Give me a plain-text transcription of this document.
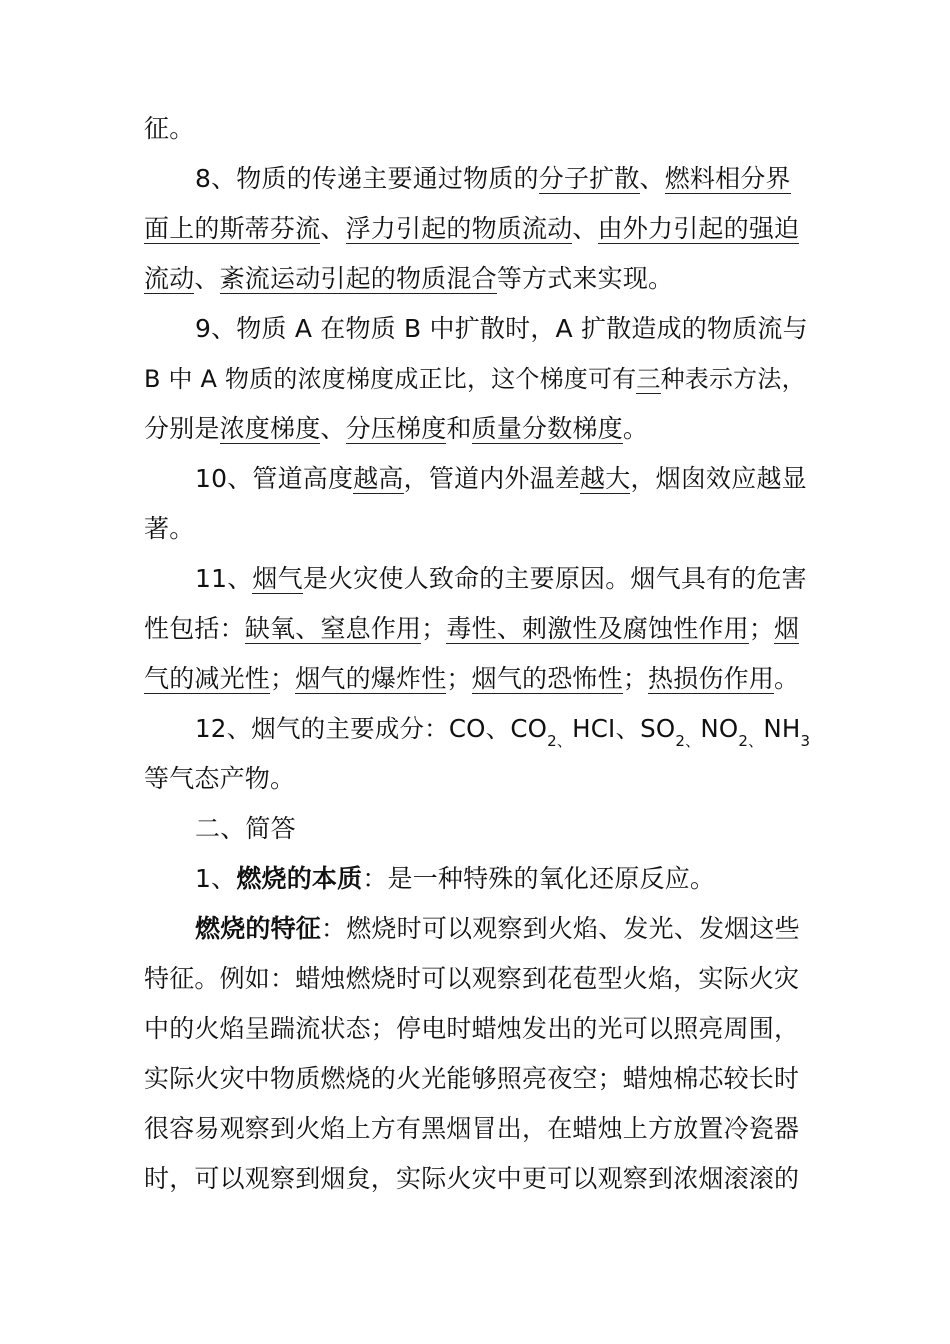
征。
8、物质的传递主要通过物质的分子扩散、燃料相分界
面上的斯蒂芬流、浮力引起的物质流动、由外力引起的强迫
流动、紊流运动引起的物质混合等方式来实现。
9、物质 A 在物质 B 中扩散时，A 扩散造成的物质流与
B 中 A 物质的浓度梯度成正比，这个梯度可有三种表示方法，
分别是浓度梯度、分压梯度和质量分数梯度。
10、管道高度越高，管道内外温差越大，烟囱效应越显
著。
11、烟气是火灾使人致命的主要原因。烟气具有的危害
性包括：缺氧、窒息作用；毒性、刺激性及腐蚀性作用；烟
气的减光性；烟气的爆炸性；烟气的恐怖性；热损伤作用。
12、烟气的主要成分：CO、$CO_{2、}HCI$、$SO_{2、}NO_{2、}NH_3$
等气态产物。
二、简答
1、燃烧的本质：是一种特殊的氧化还原反应。
燃烧的特征：燃烧时可以观察到火焰、发光、发烟这些
特征。例如：蜡烛燃烧时可以观察到花苞型火焰，实际火灾
中的火焰呈踹流状态；停电时蜡烛发出的光可以照亮周围，
实际火灾中物质燃烧的火光能够照亮夜空；蜡烛棉芯较长时
很容易观察到火焰上方有黑烟冒出，在蜡烛上方放置冷瓷器
时，可以观察到烟炱，实际火灾中更可以观察到浓烟滚滚的
